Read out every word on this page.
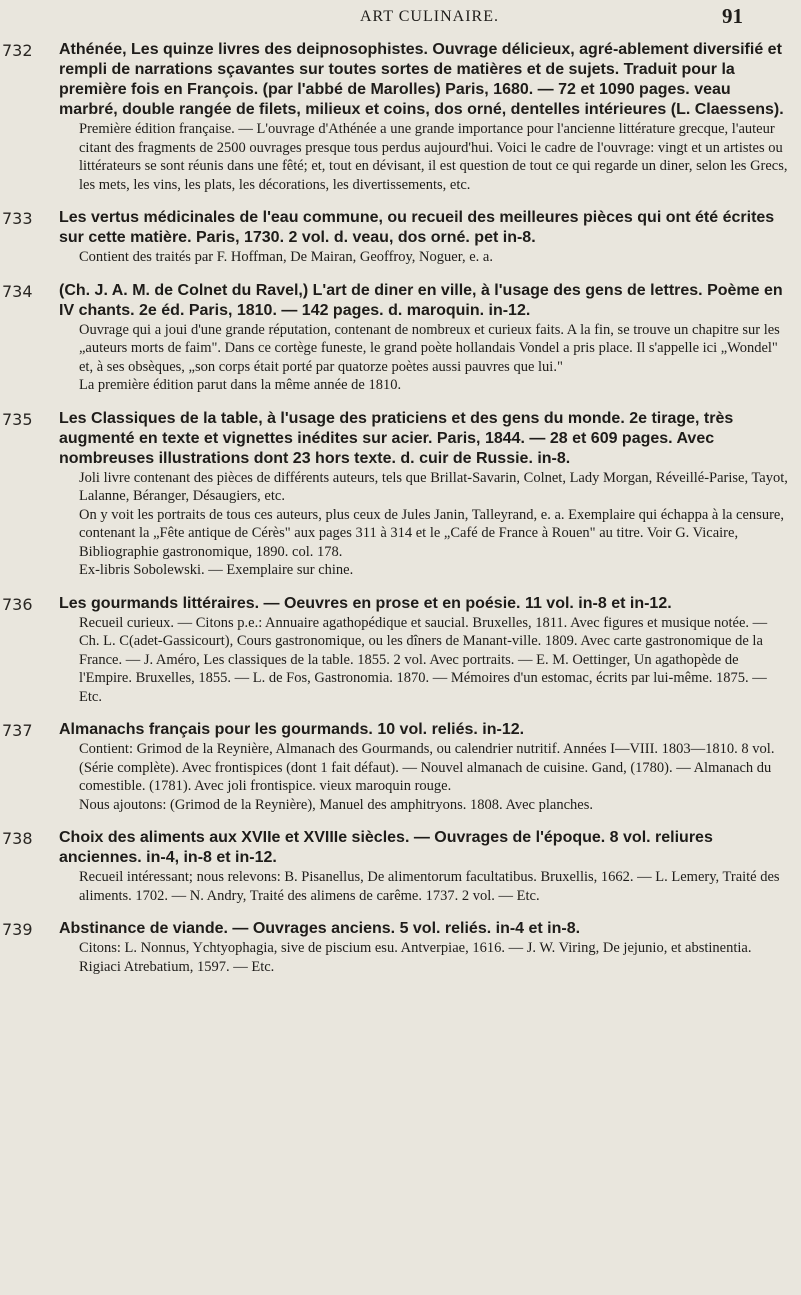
ART CULINAIRE.	91
732 Athénée, Les quinze livres des deipnosophistes. Ouvrage délicieux, agré-ablement diversifié et rempli de narrations sçavantes sur toutes sortes de matières et de sujets. Traduit pour la première fois en François. (par l'abbé de Marolles) Paris, 1680. — 72 et 1090 pages. veau marbré, double rangée de filets, milieux et coins, dos orné, dentelles intérieures (L. Claessens).

Première édition française. — L'ouvrage d'Athénée a une grande importance pour l'ancienne littérature grecque, l'auteur citant des fragments de 2500 ouvrages presque tous perdus aujourd'hui. Voici le cadre de l'ouvrage: vingt et un artistes ou littérateurs se sont réunis dans une fêté; et, tout en dévisant, il est question de tout ce qui regarde un diner, selon les Grecs, les mets, les vins, les plats, les décorations, les divertissements, etc.

733 Les vertus médicinales de l'eau commune, ou recueil des meilleures pièces qui ont été écrites sur cette matière. Paris, 1730. 2 vol. d. veau, dos orné. pet in-8.

Contient des traités par F. Hoffman, De Mairan, Geoffroy, Noguer, e. a.

734 (Ch. J. A. M. de Colnet du Ravel,) L'art de diner en ville, à l'usage des gens de lettres. Poème en IV chants. 2e éd. Paris, 1810. — 142 pages. d. maroquin. in-12.

Ouvrage qui a joui d'une grande réputation, contenant de nombreux et curieux faits. A la fin, se trouve un chapitre sur les „auteurs morts de faim". Dans ce cortège funeste, le grand poète hollandais Vondel a pris place. Il s'appelle ici „Wondel" et, à ses obsèques, „son corps était porté par quatorze poètes aussi pauvres que lui."

La première édition parut dans la même année de 1810.

735 Les Classiques de la table, à l'usage des praticiens et des gens du monde. 2e tirage, très augmenté en texte et vignettes inédites sur acier. Paris, 1844. — 28 et 609 pages. Avec nombreuses illustrations dont 23 hors texte. d. cuir de Russie. in-8.

Joli livre contenant des pièces de différents auteurs, tels que Brillat-Savarin, Colnet, Lady Morgan, Réveillé-Parise, Tayot, Lalanne, Béranger, Désaugiers, etc.

On y voit les portraits de tous ces auteurs, plus ceux de Jules Janin, Talleyrand, e. a. Exemplaire qui échappa à la censure, contenant la „Fête antique de Cérès" aux pages 311 à 314 et le „Café de France à Rouen" au titre. Voir G. Vicaire, Bibliographie gastronomique, 1890. col. 178.

Ex-libris Sobolewski. — Exemplaire sur chine.

736 Les gourmands littéraires. — Oeuvres en prose et en poésie. 11 vol. in-8 et in-12.

Recueil curieux. — Citons p.e.: Annuaire agathopédique et saucial. Bruxelles, 1811. Avec figures et musique notée. — Ch. L. C(adet-Gassicourt), Cours gastronomique, ou les dîners de Manant-ville. 1809. Avec carte gastronomique de la France. — J. Améro, Les classiques de la table. 1855. 2 vol. Avec portraits. — E. M. Oettinger, Un agathopède de l'Empire. Bruxelles, 1855. — L. de Fos, Gastronomia. 1870. — Mémoires d'un estomac, écrits par lui-même. 1875. — Etc.

737 Almanachs français pour les gourmands. 10 vol. reliés. in-12.

Contient: Grimod de la Reynière, Almanach des Gourmands, ou calendrier nutritif. Années I—VIII. 1803—1810. 8 vol. (Série complète). Avec frontispices (dont 1 fait défaut). — Nouvel almanach de cuisine. Gand, (1780). — Almanach du comestible. (1781). Avec joli frontispice. vieux maroquin rouge.

Nous ajoutons: (Grimod de la Reynière), Manuel des amphitryons. 1808. Avec planches.

738 Choix des aliments aux XVIIe et XVIIIe siècles. — Ouvrages de l'époque. 8 vol. reliures anciennes. in-4, in-8 et in-12.

Recueil intéressant; nous relevons: B. Pisanellus, De alimentorum facultatibus. Bruxellis, 1662. — L. Lemery, Traité des aliments. 1702. — N. Andry, Traité des alimens de carême. 1737. 2 vol. — Etc.

739 Abstinance de viande. — Ouvrages anciens. 5 vol. reliés. in-4 et in-8.

Citons: L. Nonnus, Ychtyophagia, sive de piscium esu. Antverpiae, 1616. — J. W. Viring, De jejunio, et abstinentia. Rigiaci Atrebatium, 1597. — Etc.
